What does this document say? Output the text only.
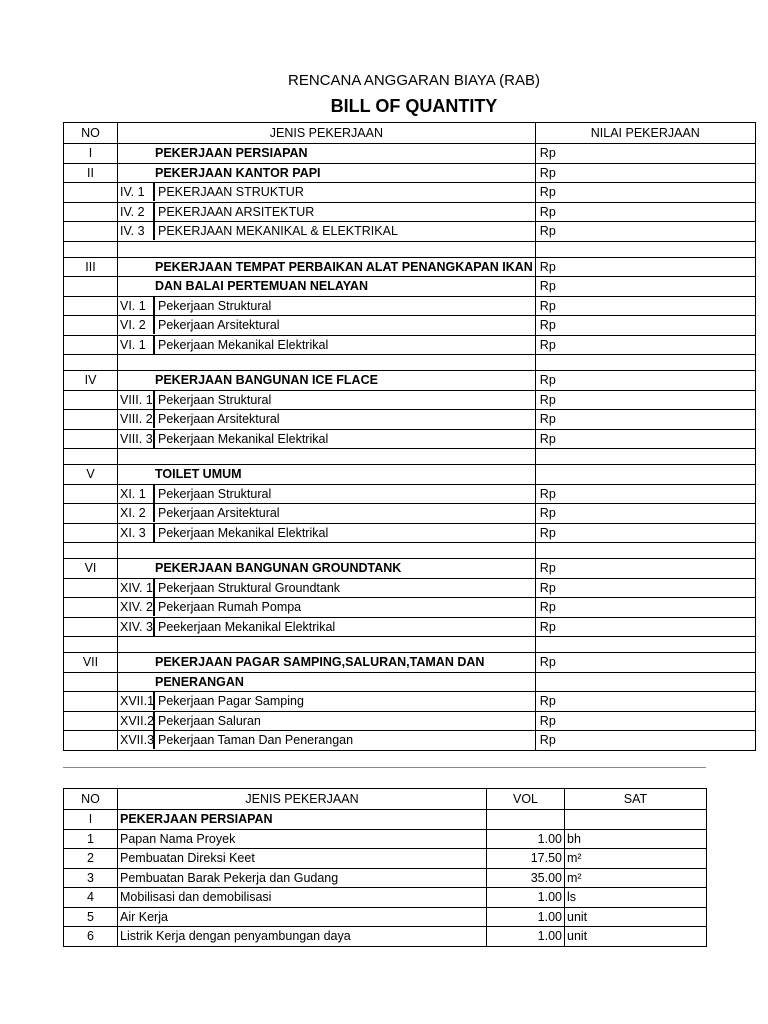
RENCANA ANGGARAN BIAYA (RAB)
BILL OF QUANTITY
NO	JENIS PEKERJAAN	NILAI PEKERJAAN
I	PEKERJAAN PERSIAPAN	Rp
II	PEKERJAAN KANTOR PAPI	Rp
	IV. 1 PEKERJAAN STRUKTUR	Rp
	IV. 2 PEKERJAAN ARSITEKTUR	Rp
	IV. 3 PEKERJAAN MEKANIKAL & ELEKTRIKAL	Rp

III	PEKERJAAN TEMPAT PERBAIKAN ALAT PENANGKAPAN IKAN	Rp
	DAN BALAI PERTEMUAN NELAYAN	Rp
	VI. 1 Pekerjaan Struktural	Rp
	VI. 2 Pekerjaan Arsitektural	Rp
	VI. 1 Pekerjaan Mekanikal Elektrikal	Rp

IV	PEKERJAAN BANGUNAN ICE FLACE	Rp
	VIII. 1 Pekerjaan Struktural	Rp
	VIII. 2 Pekerjaan Arsitektural	Rp
	VIII. 3 Pekerjaan Mekanikal Elektrikal	Rp

V	TOILET UMUM	
	XI. 1 Pekerjaan Struktural	Rp
	XI. 2 Pekerjaan Arsitektural	Rp
	XI. 3 Pekerjaan Mekanikal Elektrikal	Rp

VI	PEKERJAAN BANGUNAN GROUNDTANK	Rp
	XIV. 1 Pekerjaan Struktural Groundtank	Rp
	XIV. 2 Pekerjaan Rumah Pompa	Rp
	XIV. 3 Peekerjaan Mekanikal Elektrikal	Rp

VII	PEKERJAAN PAGAR SAMPING,SALURAN,TAMAN DAN	Rp
	PENERANGAN	
	XVII.1 Pekerjaan Pagar Samping	Rp
	XVII.2 Pekerjaan Saluran	Rp
	XVII.3 Pekerjaan Taman Dan Penerangan	Rp
NO	JENIS PEKERJAAN	VOL	SAT
I	PEKERJAAN PERSIAPAN		
1	Papan Nama Proyek	1.00	bh
2	Pembuatan Direksi Keet	17.50	m²
3	Pembuatan Barak Pekerja dan Gudang	35.00	m²
4	Mobilisasi dan demobilisasi	1.00	ls
5	Air Kerja	1.00	unit
6	Listrik Kerja dengan penyambungan daya	1.00	unit
